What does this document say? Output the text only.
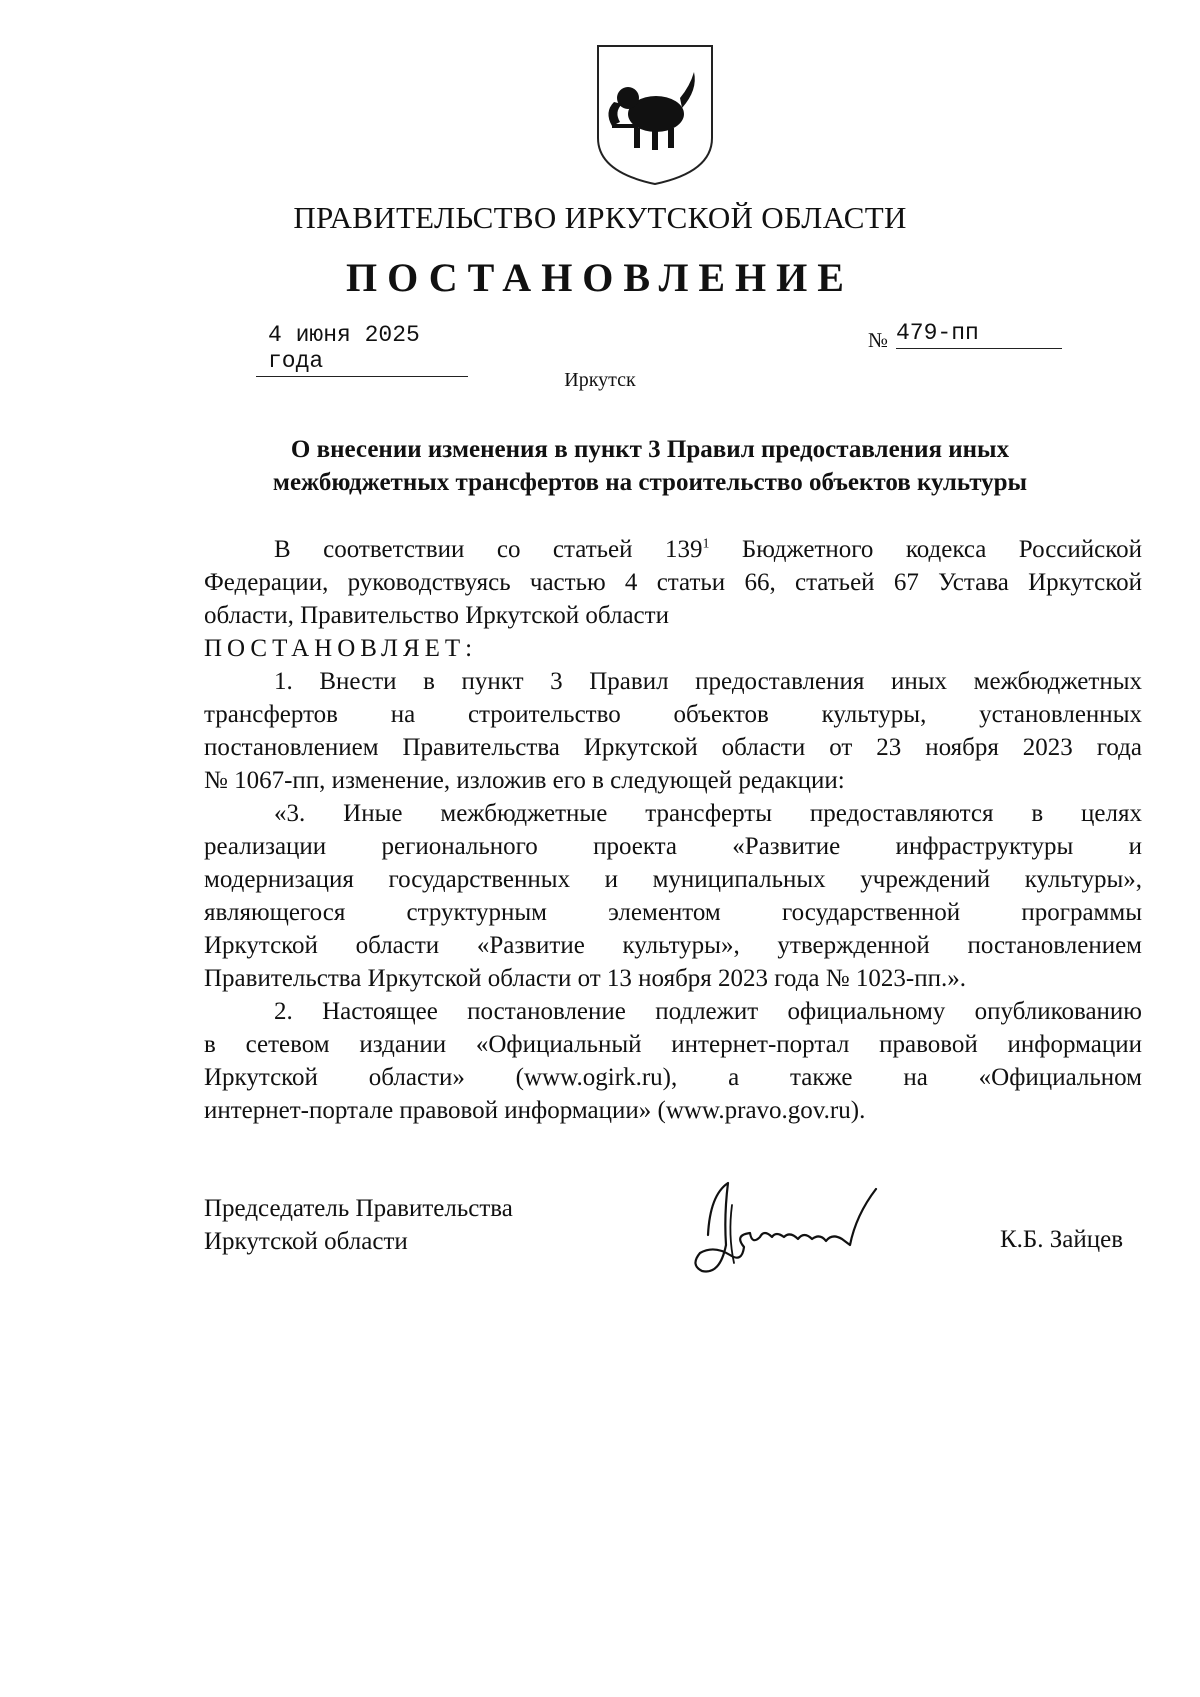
ПРАВИТЕЛЬСТВО ИРКУТСКОЙ ОБЛАСТИ
ПОСТАНОВЛЕНИЕ
4 июня 2025 года
№ 479-пп
Иркутск
О внесении изменения в пункт 3 Правил предоставления иных
межбюджетных трансфертов на строительство объектов культуры
В соответствии со статьей $139^1$ Бюджетного кодекса Российской
Федерации, руководствуясь частью 4 статьи 66, статьей 67 Устава Иркутской
области, Правительство Иркутской области
ПОСТАНОВЛЯЕТ:
1. Внести в пункт 3 Правил предоставления иных межбюджетных
трансфертов на строительство объектов культуры, установленных
постановлением Правительства Иркутской области от 23 ноября 2023 года
№ 1067-пп, изменение, изложив его в следующей редакции:
«3. Иные межбюджетные трансферты предоставляются в целях
реализации регионального проекта «Развитие инфраструктуры и
модернизация государственных и муниципальных учреждений культуры»,
являющегося структурным элементом государственной программы
Иркутской области «Развитие культуры», утвержденной постановлением
Правительства Иркутской области от 13 ноября 2023 года № 1023-пп.».
2. Настоящее постановление подлежит официальному опубликованию
в сетевом издании «Официальный интернет-портал правовой информации
Иркутской области» (www.ogirk.ru), а также на «Официальном
интернет-портале правовой информации» (www.pravo.gov.ru).
Председатель Правительства
Иркутской области	К.Б. Зайцев
